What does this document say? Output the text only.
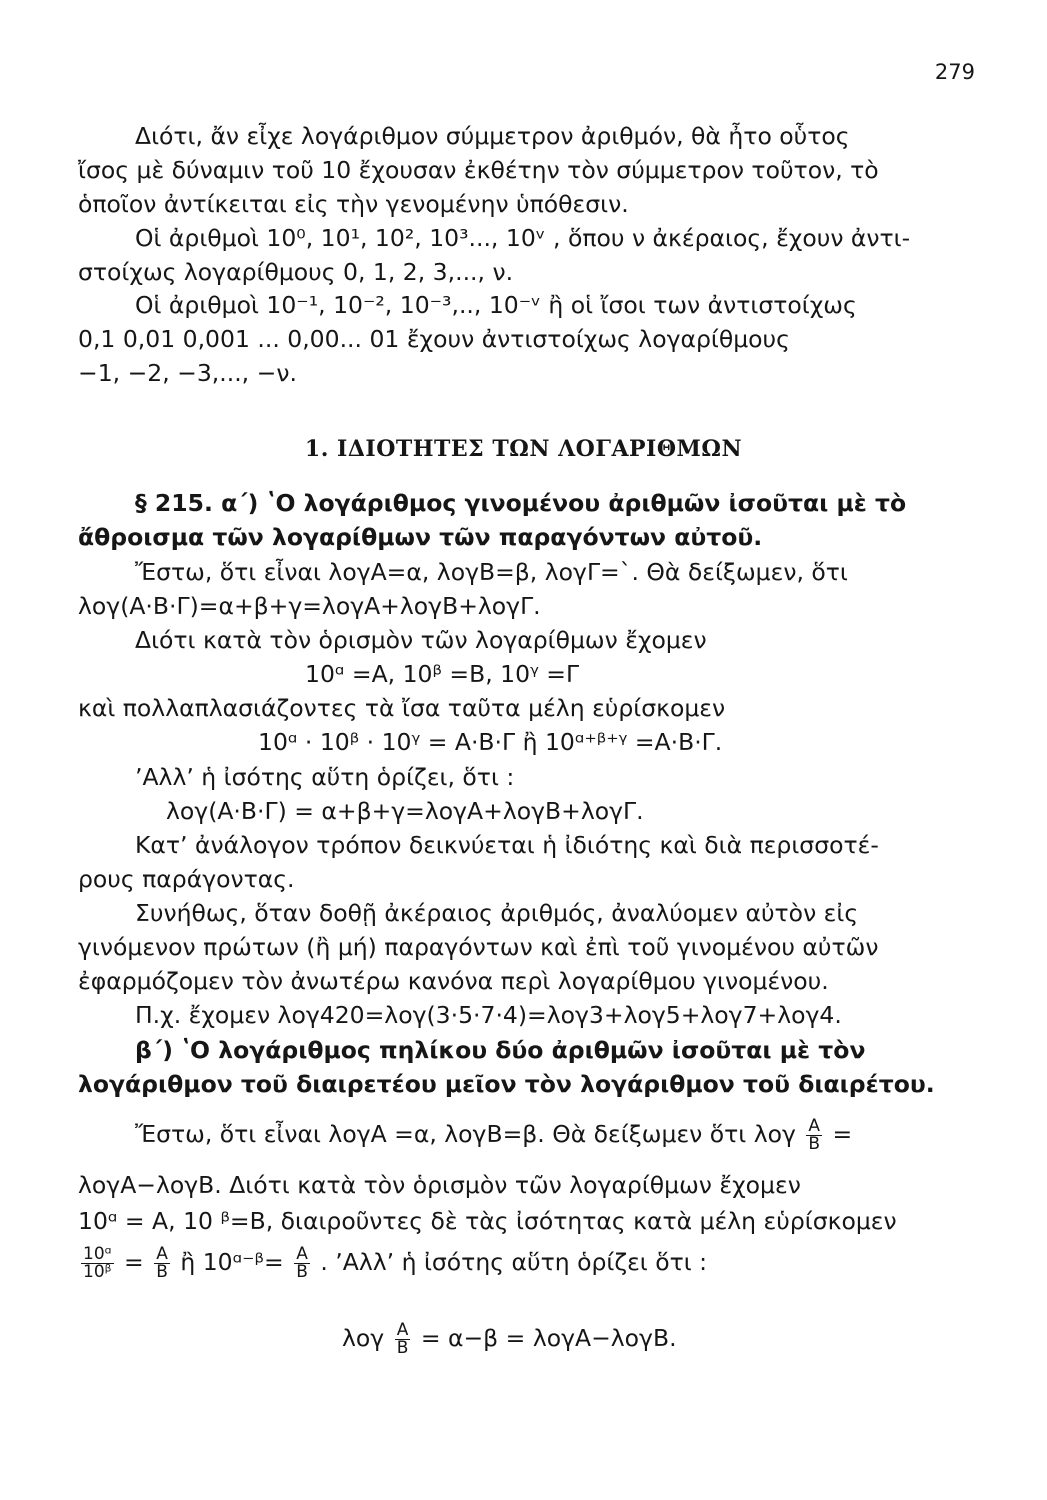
279
Διότι, ἄν εἶχε λογάριθμον σύμμετρον ἀριθμόν, θὰ ἦτο οὗτος
ἴσος μὲ δύναμιν τοῦ 10 ἔχουσαν ἐκθέτην τὸν σύμμετρον τοῦτον, τὸ
ὁποῖον ἀντίκειται εἰς τὴν γενομένην ὑπόθεσιν.
Οἱ ἀριθμοὶ 10⁰, 10¹, 10², 10³..., 10ᵛ , ὅπου ν ἀκέραιος, ἔχουν ἀντι-
στοίχως λογαρίθμους 0, 1, 2, 3,..., ν.
Οἱ ἀριθμοὶ 10⁻¹, 10⁻², 10⁻³,.., 10⁻ᵛ ἢ οἱ ἴσοι των ἀντιστοίχως
0,1 0,01 0,001 ... 0,00... 01 ἔχουν ἀντιστοίχως λογαρίθμους
−1, −2, −3,..., −ν.
1. ΙΔΙΟΤΗΤΕΣ ΤΩΝ ΛΟΓΑΡΙΘΜΩΝ
§ 215. α΄) ʽΟ λογάριθμος γινομένου ἀριθμῶν ἰσοῦται μὲ τὸ
ἄθροισμα τῶν λογαρίθμων τῶν παραγόντων αὐτοῦ.
Ἔστω, ὅτι εἶναι λογΑ=α, λογΒ=β, λογΓ=ˋ. Θὰ δείξωμεν, ὅτι
λογ(Α·Β·Γ)=α+β+γ=λογΑ+λογΒ+λογΓ.
Διότι κατὰ τὸν ὁρισμὸν τῶν λογαρίθμων ἔχομεν
10ᵅ =Α, 10ᵝ =Β, 10ᵞ =Γ
καὶ πολλαπλασιάζοντες τὰ ἴσα ταῦτα μέλη εὑρίσκομεν
10ᵅ · 10ᵝ · 10ᵞ = Α·Β·Γ ἢ 10ᵅ⁺ᵝ⁺ᵞ =Α·Β·Γ.
ʼΑλλʼ ἡ ἰσότης αὕτη ὁρίζει, ὅτι :
λογ(Α·Β·Γ) = α+β+γ=λογΑ+λογΒ+λογΓ.
Κατʼ ἀνάλογον τρόπον δεικνύεται ἡ ἰδιότης καὶ διὰ περισσοτέ-
ρους παράγοντας.
Συνήθως, ὅταν δοθῇ ἀκέραιος ἀριθμός, ἀναλύομεν αὐτὸν εἰς
γινόμενον πρώτων (ἢ μή) παραγόντων καὶ ἐπὶ τοῦ γινομένου αὐτῶν
ἐφαρμόζομεν τὸν ἀνωτέρω κανόνα περὶ λογαρίθμου γινομένου.
Π.χ. ἔχομεν λογ420=λογ(3·5·7·4)=λογ3+λογ5+λογ7+λογ4.
β΄) ʽΟ λογάριθμος πηλίκου δύο ἀριθμῶν ἰσοῦται μὲ τὸν
λογάριθμον τοῦ διαιρετέου μεῖον τὸν λογάριθμον τοῦ διαιρέτου.
Ἔστω, ὅτι εἶναι λογΑ =α, λογΒ=β. Θὰ δείξωμεν ὅτι λογ $\frac{A}{B}$ =
λογΑ−λογΒ. Διότι κατὰ τὸν ὁρισμὸν τῶν λογαρίθμων ἔχομεν
10ᵅ = Α, 10 ᵝ=Β, διαιροῦντες δὲ τὰς ἰσότητας κατὰ μέλη εὑρίσκομεν
$\frac{\text{10ᵅ}}{\text{10ᵝ}} = \frac{A}{B}$ ἢ 10ᵅ⁻ᵝ= $\frac{A}{B}$ . ʼΑλλʼ ἡ ἰσότης αὕτη ὁρίζει ὅτι :
λογ $\frac{A}{B} = \alpha-\beta = \lambda o\gamma A-\lambda o\gamma B$.
